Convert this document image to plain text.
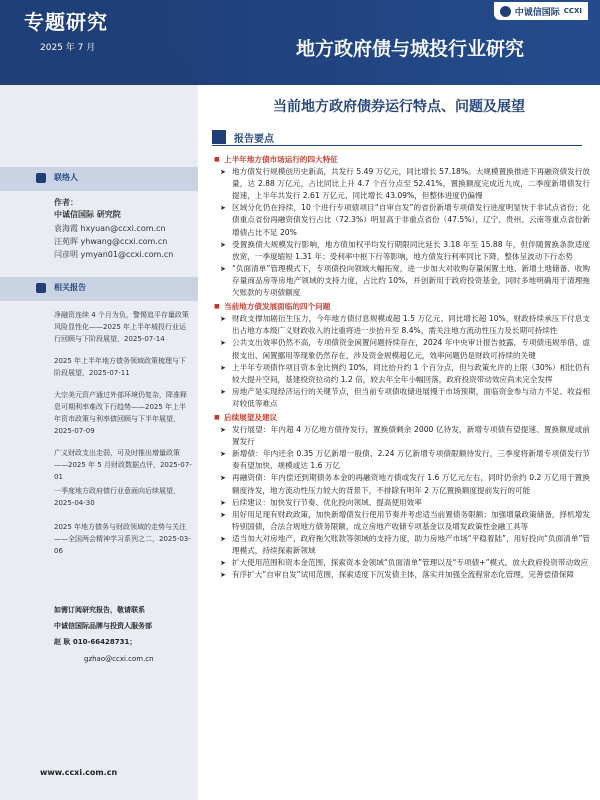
中诚信国际 CCXI
专题研究
2025 年 7 月	地方政府债与城投行业研究
联络人
作者：
中诚信国际 研究院
袁海霞 hxyuan@ccxi.com.cn
汪苑晖 yhwang@ccxi.com.cn
闫彦明 ymyan01@ccxi.com.cn
相关报告
净融资连续 4 个月为负，警惕追平存量政策风险显性化——2025 年上半年城投行业运行回顾与下阶段展望，2025-07-14
2025 年上半年地方债务领域政策梳理与下阶段展望，2025-07-11
大宗美元资产通过外部环境仍复杂，降准释息可期利率难改下行趋势——2025 年上半年资市政策与利率债回顾与下半年展望，2025-07-09
广义财政支出走弱，可及时推出增量政策——2025 年 5 月财政数据点评，2025-07-01
一季度地方政府债行业意面向后续展望，2025-04-30
2025 年地方债务与财政领域的走势与关注——全国两会精神学习系列之二，2025-03-06
如需订阅研究报告，敬请联系
中诚信国际品牌与投资人服务部
赵 耿 010-66428731；
gzhao@ccxi.com.cn
www.ccxi.com.cn
当前地方政府债券运行特点、问题及展望
报告要点
■ 上半年地方债市场运行的四大特征
➤ 地方债发行规模创历史新高，共发行 5.49 万亿元，同比增长 57.18%。大规模置换推进下再融资债发行放量，达 2.88 万亿元，占比同比上升 4.7 个百分点至 52.41%，置换额度完成近九成，二季度新增债发行提速，上半年共发行 2.61 万亿元、同比增长 43.09%，但整体进度仍偏慢
➤ 区域分化仍在持续，10 个进行专项债项目“自审自发”的省份新增专项债发行进度明显快于非试点省份；化债重点省份再融资债发行占比（72.3%）明显高于非重点省份（47.5%），辽宁、贵州、云南等重点省份新增债占比不足 20%
➤ 受置换债大规模发行影响，地方债加权平均发行期限同比延长 3.18 年至 15.88 年，但伴随置换条款适度放宽，一季度缩短 1.31 年；受利率中枢下行等影响，地方债发行利率同比下降，整体呈波动下行态势
➤ “负面清单”管理模式下，专项债投向领域大幅拓宽，进一步加大对收购存量闲置土地、新增土地储备、收购存量商品房等房地产领域的支持力度，占比约 10%，并创新用于政府投资基金，同时多地明确用于清理拖欠账款的专项债额度
■ 当前地方债发展面临的四个问题
➤ 财政支撑加剧衍生压力，今年地方债付息规模或超 1.5 万亿元、同比增长超 10%，财政持续承压下付息支出占地方本级广义财政收入的比重将进一步抬升至 8.4%，需关注地方流动性压力及长期可持续性
➤ 公共支出效率仍然不高，专项债资金闲置问题持续存在，2024 年中央审计报告披露，专项债违规举借、虚报支出、闲置挪用等现象仍然存在，涉及资金规模超亿元，效率问题仍是财政可持续的关键
➤ 上半年专项债作项目资本金比例约 10%，同比抬升约 1 个百分点，但与政策允许的上限（30%）相比仍有较大提升空间，基建投资拉动约 1.2 倍，较去年全年小幅回落，政府投资带动效应尚未完全发挥
➤ 房地产是实现经济运行的关键节点，但当前专项债收储进展慢于市场预期，面临资金参与动力不足、收益相对较低等难点
■ 后续展望及建议
➤ 发行展望：年内超 4 万亿地方债待发行，置换债剩余 2000 亿待发，新增专项债有望提速、置换额度或前置发行
➤ 新增债：年内还余 0.35 万亿新增一般债、2.24 万亿新增专项债限额待发行，三季度将新增专项债发行节奏有望加快、规模或达 1.6 万亿
➤ 再融资债：年内偿还到期债务本金的再融资地方债或发行 1.6 万亿元左右，同时仍余约 0.2 万亿用于置换额度待发，地方流动性压力较大的背景下，不排除有明年 2 万亿置换额度提前发行的可能
➤ 后续建议：加快发行节奏、优化投向领域、提高使用效率
➤ 用好用足现有财政政策，加快新增债发行使用节奏并考虑适当前置债务限额；加强增量政策储备，择机增发特别国债，合法合规地方债务限额，成立房地产收储专项基金以及增发政策性金融工具等
➤ 适当加大对房地产、政府拖欠账款等领域的支持力度，助力房地产市场“平稳着陆”，用好投向“负面清单”管理模式，持续探索新领域
➤ 扩大使用范围和资本金范围，探索资本金领域“负面清单”管理以及“专项债+”模式，放大政府投资带动效应
➤ 有序扩大“自审自发”试用范围，探索适度下沉发债主体，落实并加强全流程常态化管理，完善偿债保障
